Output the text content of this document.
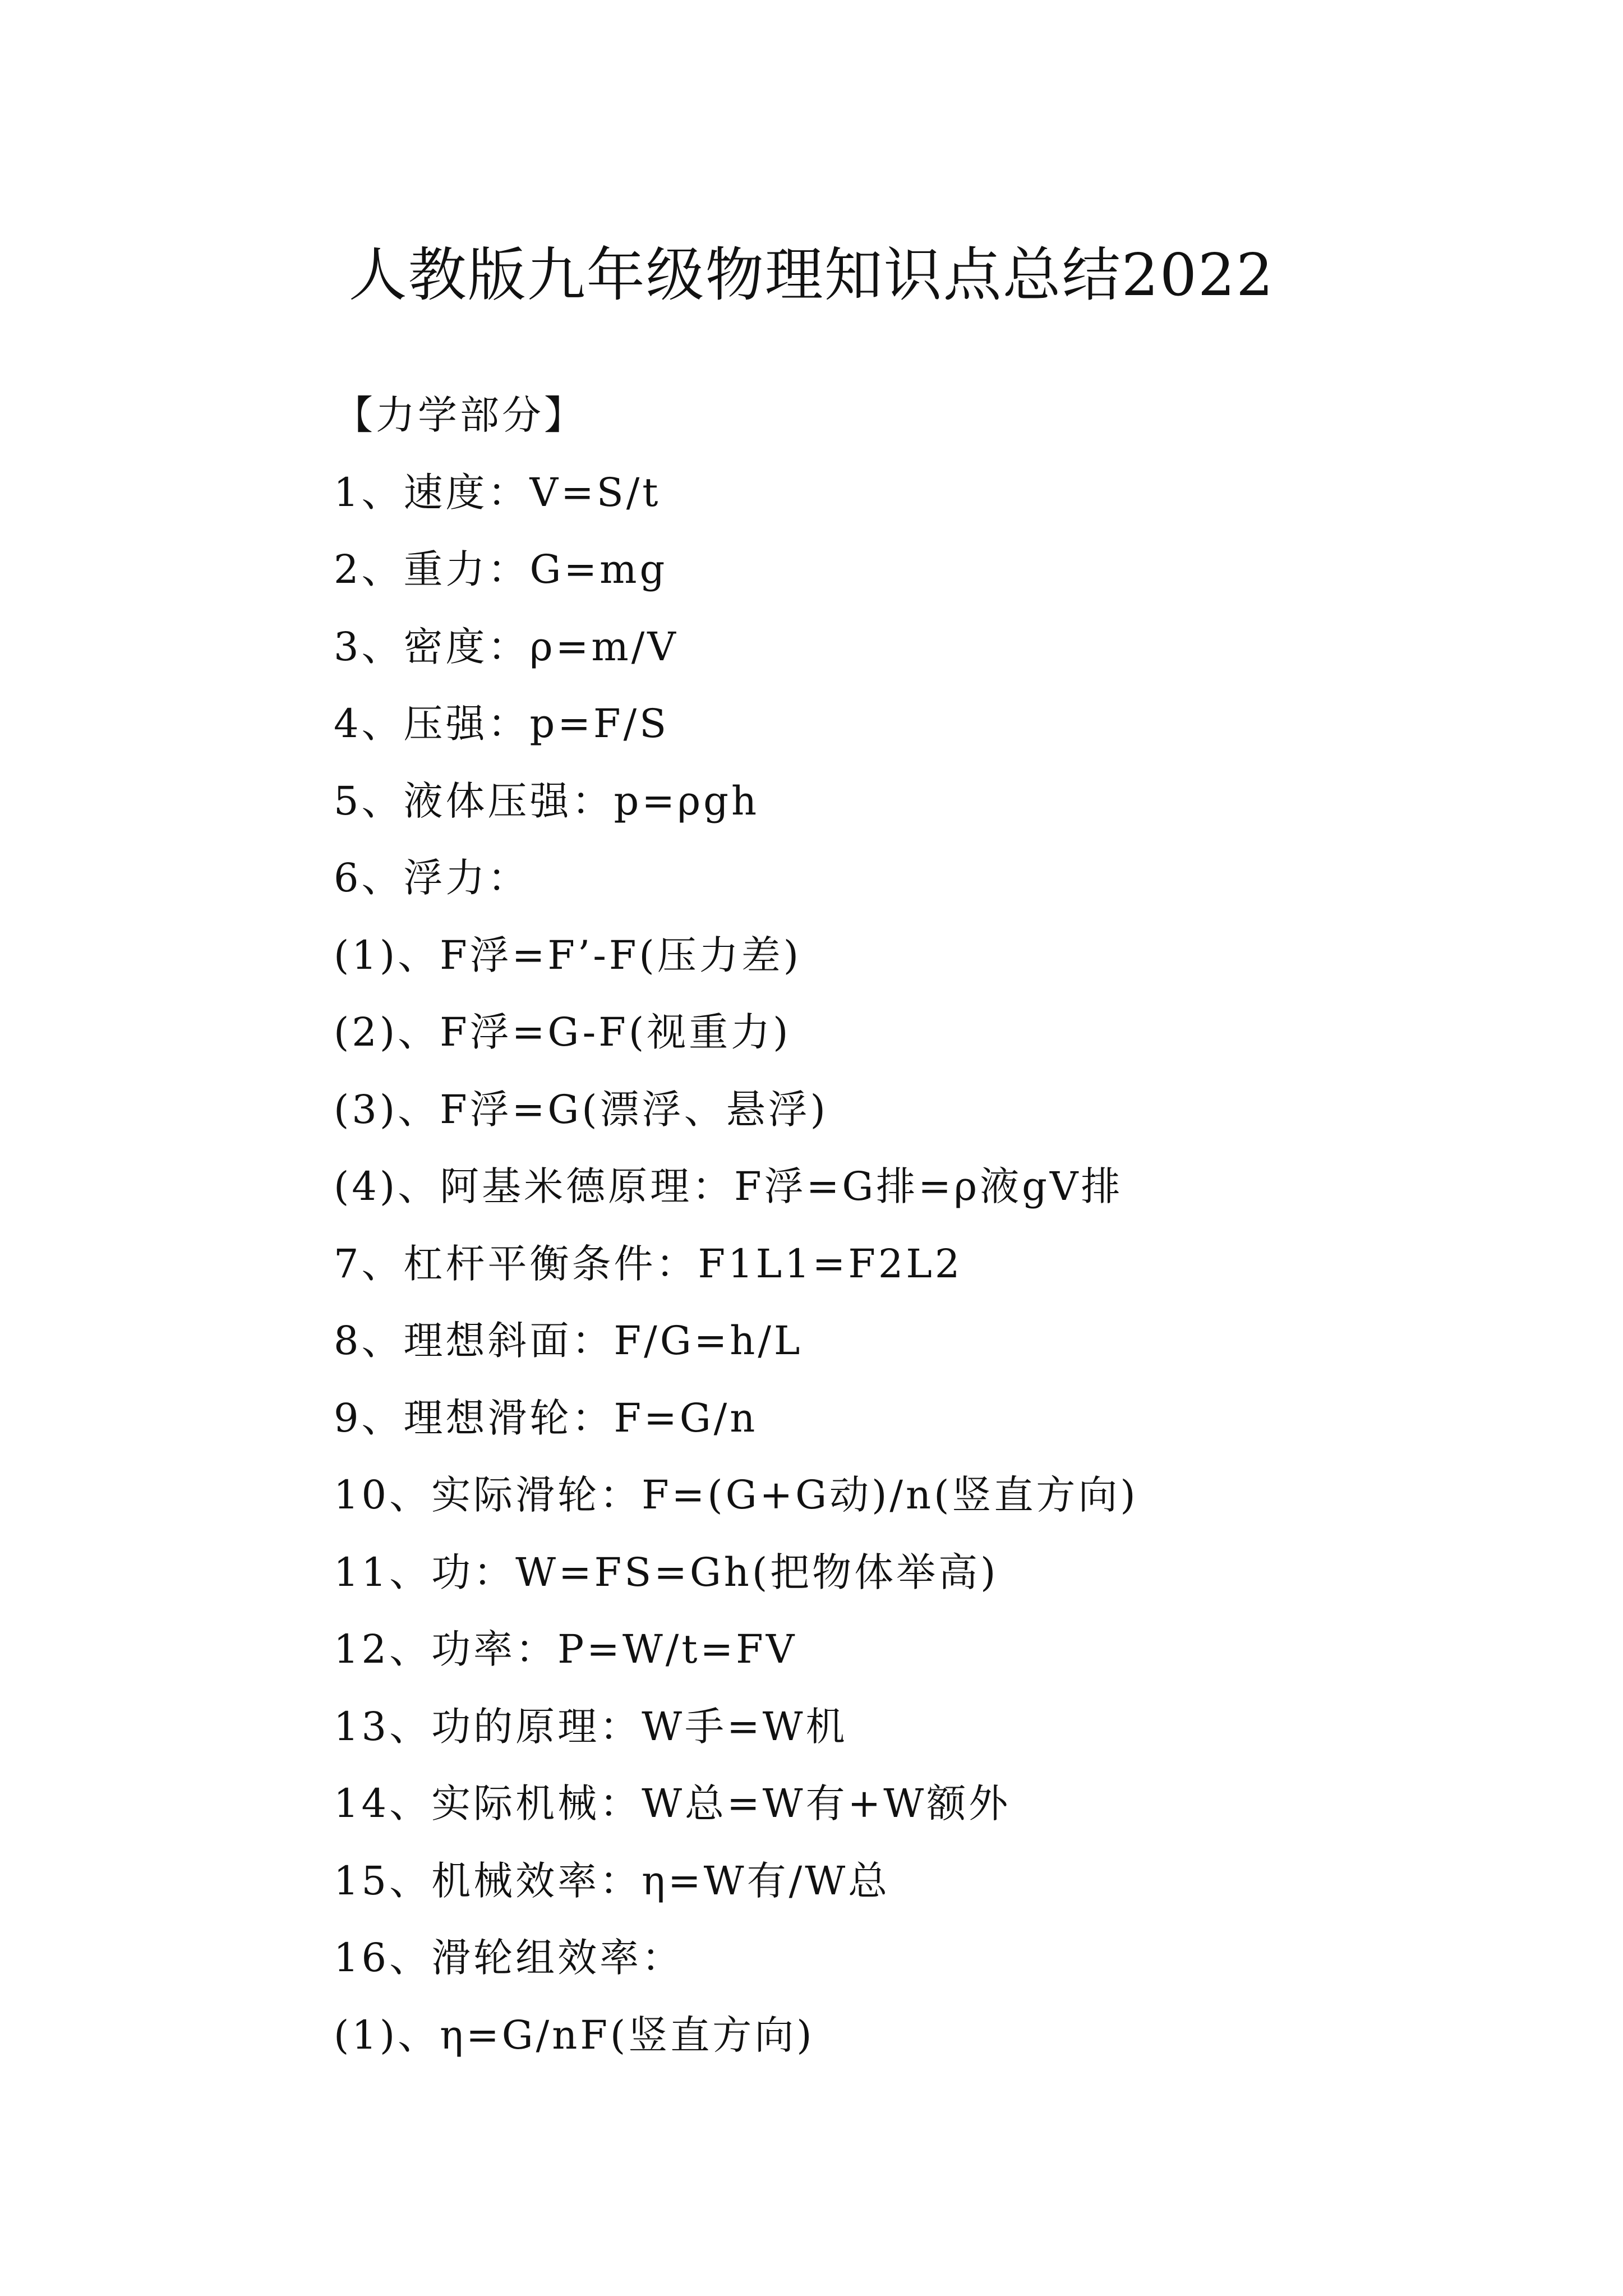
人教版九年级物理知识点总结2022
【力学部分】
1、速度：V=S/t
2、重力：G=mg
3、密度：ρ=m/V
4、压强：p=F/S
5、液体压强：p=ρgh
6、浮力：
(1)、F浮=F’-F(压力差)
(2)、F浮=G-F(视重力)
(3)、F浮=G(漂浮、悬浮)
(4)、阿基米德原理：F浮=G排=ρ液gV排
7、杠杆平衡条件：F1L1=F2L2
8、理想斜面：F/G=h/L
9、理想滑轮：F=G/n
10、实际滑轮：F=(G+G动)/n(竖直方向)
11、功：W=FS=Gh(把物体举高)
12、功率：P=W/t=FV
13、功的原理：W手=W机
14、实际机械：W总=W有+W额外
15、机械效率：η=W有/W总
16、滑轮组效率：
(1)、η=G/nF(竖直方向)
